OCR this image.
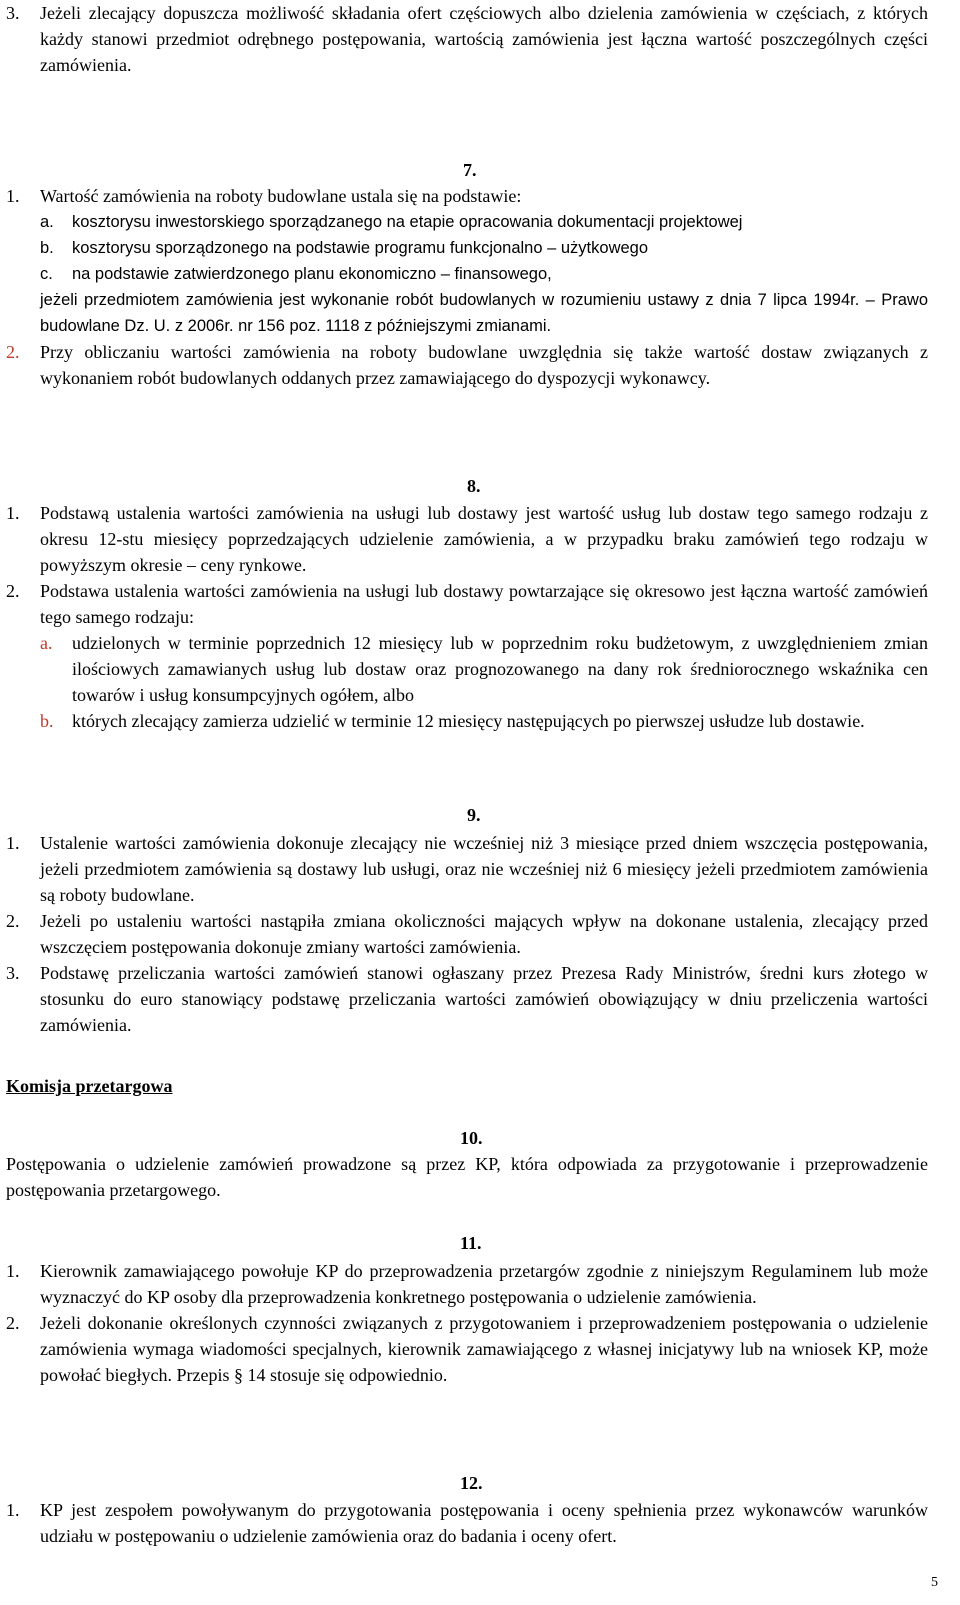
3. Jeżeli zlecający dopuszcza możliwość składania ofert częściowych albo dzielenia zamówienia w częściach, z których każdy stanowi przedmiot odrębnego postępowania, wartością zamówienia jest łączna wartość poszczególnych części zamówienia.
7.
1. Wartość zamówienia na roboty budowlane ustala się na podstawie:
a. kosztorysu inwestorskiego sporządzanego na etapie opracowania dokumentacji projektowej
b. kosztorysu sporządzonego na podstawie programu funkcjonalno – użytkowego
c. na podstawie zatwierdzonego planu ekonomiczno – finansowego,
jeżeli przedmiotem zamówienia jest wykonanie robót budowlanych w rozumieniu ustawy z dnia 7 lipca 1994r. – Prawo budowlane Dz. U. z 2006r. nr 156 poz. 1118 z późniejszymi zmianami.
2. Przy obliczaniu wartości zamówienia na roboty budowlane uwzględnia się także wartość dostaw związanych z wykonaniem robót budowlanych oddanych przez zamawiającego do dyspozycji wykonawcy.
8.
1. Podstawą ustalenia wartości zamówienia na usługi lub dostawy jest wartość usług lub dostaw tego samego rodzaju z okresu 12-stu miesięcy poprzedzających udzielenie zamówienia, a w przypadku braku zamówień tego rodzaju w powyższym okresie – ceny rynkowe.
2. Podstawa ustalenia wartości zamówienia na usługi lub dostawy powtarzające się okresowo jest łączna wartość zamówień tego samego rodzaju:
a. udzielonych w terminie poprzednich 12 miesięcy lub w poprzednim roku budżetowym, z uwzględnieniem zmian ilościowych zamawianych usług lub dostaw oraz prognozowanego na dany rok średniorocznego wskaźnika cen towarów i usług konsumpcyjnych ogółem, albo
b. których zlecający zamierza udzielić w terminie 12 miesięcy następujących po pierwszej usłudze lub dostawie.
9.
1. Ustalenie wartości zamówienia dokonuje zlecający nie wcześniej niż 3 miesiące przed dniem wszczęcia postępowania, jeżeli przedmiotem zamówienia są dostawy lub usługi, oraz nie wcześniej niż 6 miesięcy jeżeli przedmiotem zamówienia są roboty budowlane.
2. Jeżeli po ustaleniu wartości nastąpiła zmiana okoliczności mających wpływ na dokonane ustalenia, zlecający przed wszczęciem postępowania dokonuje zmiany wartości zamówienia.
3. Podstawę przeliczania wartości zamówień stanowi ogłaszany przez Prezesa Rady Ministrów, średni kurs złotego w stosunku do euro stanowiący podstawę przeliczania wartości zamówień obowiązujący w dniu przeliczenia wartości zamówienia.
Komisja przetargowa
10.
Postępowania o udzielenie zamówień prowadzone są przez KP, która odpowiada za przygotowanie i przeprowadzenie postępowania przetargowego.
11.
1. Kierownik zamawiającego powołuje KP do przeprowadzenia przetargów zgodnie z niniejszym Regulaminem lub może wyznaczyć do KP osoby dla przeprowadzenia konkretnego postępowania o udzielenie zamówienia.
2. Jeżeli dokonanie określonych czynności związanych z przygotowaniem i przeprowadzeniem postępowania o udzielenie zamówienia wymaga wiadomości specjalnych, kierownik zamawiającego z własnej inicjatywy lub na wniosek KP, może powołać biegłych. Przepis § 14 stosuje się odpowiednio.
12.
1. KP jest zespołem powoływanym do przygotowania postępowania i oceny spełnienia przez wykonawców warunków udziału w postępowaniu o udzielenie zamówienia oraz do badania i oceny ofert.
5
